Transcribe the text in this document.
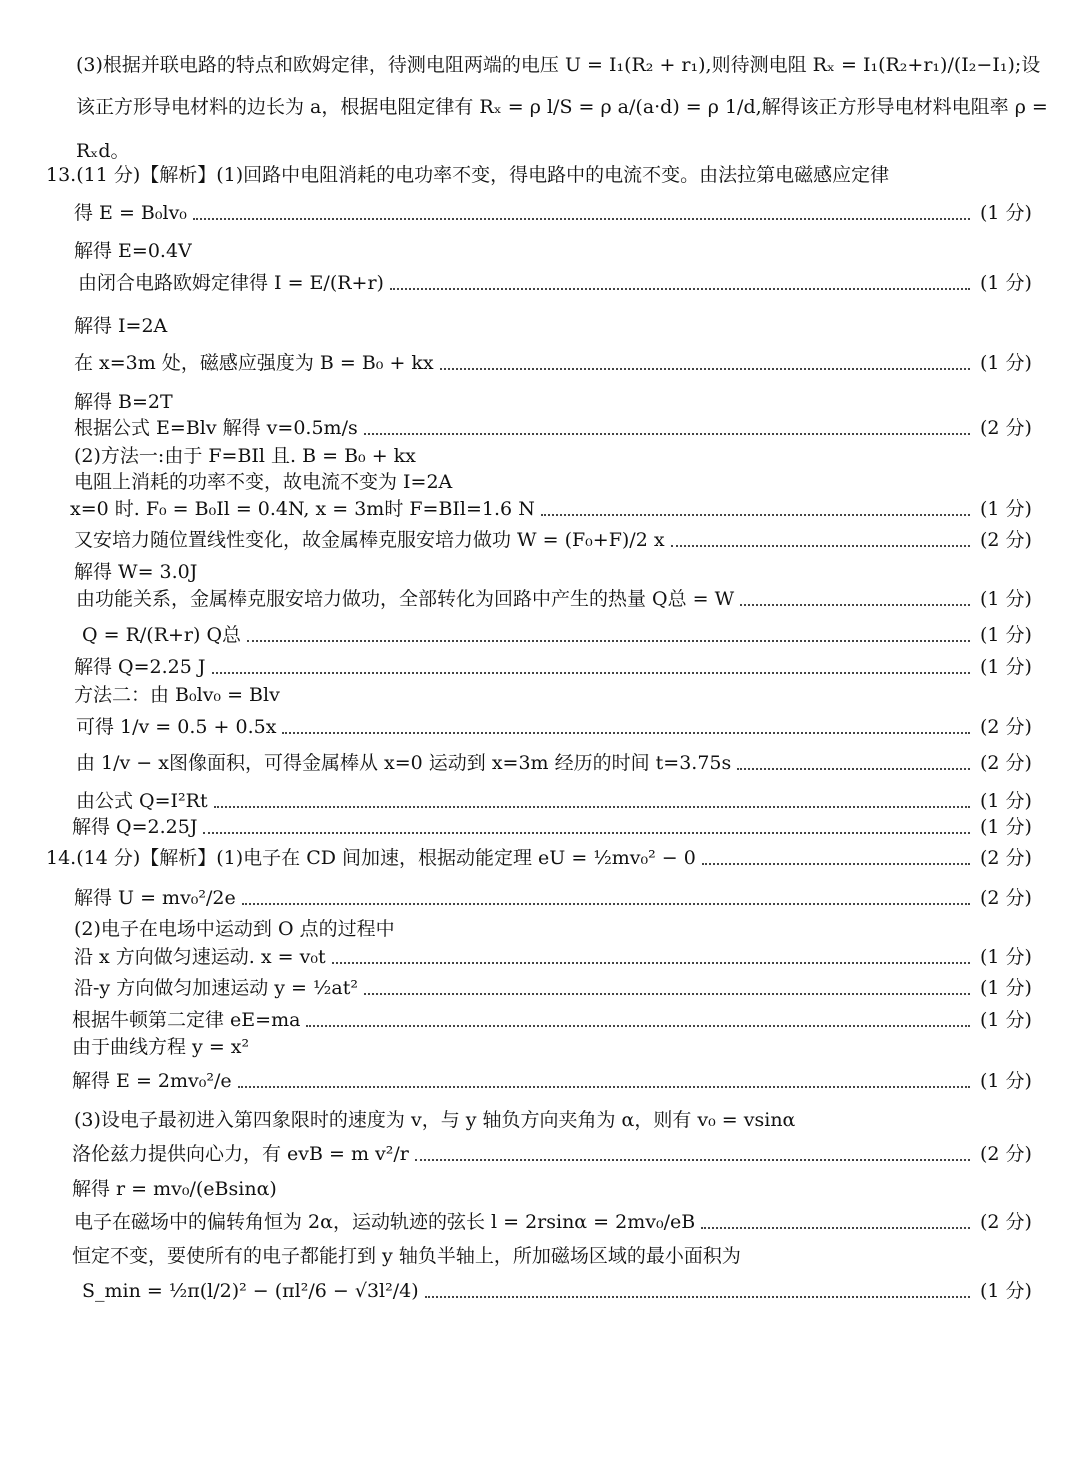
(3)根据并联电路的特点和欧姆定律，待测电阻两端的电压 U = I₁(R₂ + r₁),则待测电阻 Rₓ = I₁(R₂+r₁)/(I₂−I₁);设
该正方形导电材料的边长为 a，根据电阻定律有 Rₓ = ρ l/S = ρ a/(a·d) = ρ 1/d,解得该正方形导电材料电阻率 ρ =
Rₓd。
13.(11 分)【解析】(1)回路中电阻消耗的电功率不变，得电路中的电流不变。由法拉第电磁感应定律
得 E = B₀lv₀	(1 分)
解得 E=0.4V
由闭合电路欧姆定律得 I = E/(R+r)	(1 分)
解得 I=2A
在 x=3m 处，磁感应强度为 B = B₀ + kx	(1 分)
解得 B=2T
根据公式 E=Blv 解得 v=0.5m/s	(2 分)
(2)方法一:由于 F=BIl 且. B = B₀ + kx
电阻上消耗的功率不变，故电流不变为 I=2A
x=0 时. F₀ = B₀Il = 0.4N, x = 3m时 F=BIl=1.6 N	(1 分)
又安培力随位置线性变化，故金属棒克服安培力做功 W = (F₀+F)/2 x	(2 分)
解得 W= 3.0J
由功能关系，金属棒克服安培力做功，全部转化为回路中产生的热量 Q总 = W	(1 分)
Q = R/(R+r) Q总	(1 分)
解得 Q=2.25 J	(1 分)
方法二：由 B₀lv₀ = Blv
可得 1/v = 0.5 + 0.5x	(2 分)
由 1/v − x图像面积，可得金属棒从 x=0 运动到 x=3m 经历的时间 t=3.75s	(2 分)
由公式 Q=I²Rt	(1 分)
解得 Q=2.25J	(1 分)
14.(14 分)【解析】(1)电子在 CD 间加速，根据动能定理 eU = ½mv₀² − 0	(2 分)
解得 U = mv₀²/2e	(2 分)
(2)电子在电场中运动到 O 点的过程中
沿 x 方向做匀速运动. x = v₀t	(1 分)
沿-y 方向做匀加速运动 y = ½at²	(1 分)
根据牛顿第二定律 eE=ma	(1 分)
由于曲线方程 y = x²
解得 E = 2mv₀²/e	(1 分)
(3)设电子最初进入第四象限时的速度为 v，与 y 轴负方向夹角为 α，则有 v₀ = vsinα
洛伦兹力提供向心力，有 evB = m v²/r	(2 分)
解得 r = mv₀/(eBsinα)
电子在磁场中的偏转角恒为 2α，运动轨迹的弦长 l = 2rsinα = 2mv₀/eB	(2 分)
恒定不变，要使所有的电子都能打到 y 轴负半轴上，所加磁场区域的最小面积为
S_min = ½π(l/2)² − (πl²/6 − √3l²/4)	(1 分)
